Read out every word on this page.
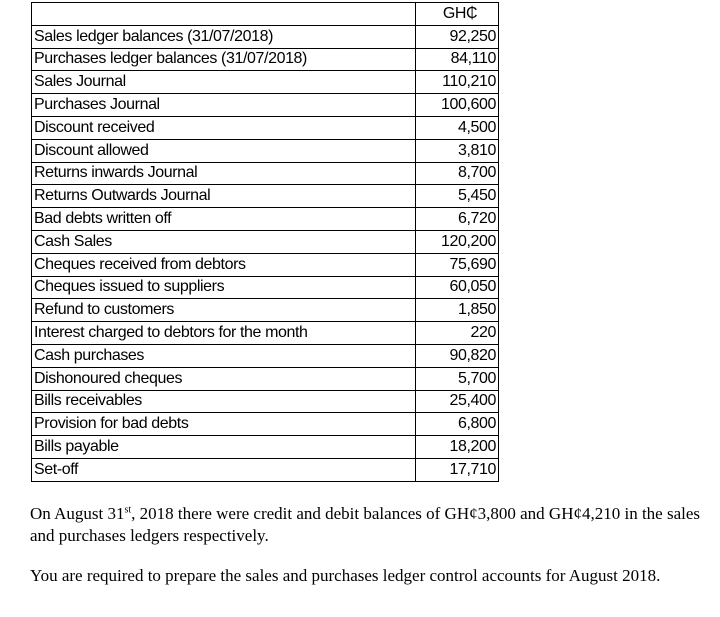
	GH₵
Sales ledger balances (31/07/2018)	92,250
Purchases ledger balances (31/07/2018)	84,110
Sales Journal	110,210
Purchases Journal	100,600
Discount received	4,500
Discount allowed	3,810
Returns inwards Journal	8,700
Returns Outwards Journal	5,450
Bad debts written off	6,720
Cash Sales	120,200
Cheques received from debtors	75,690
Cheques issued to suppliers	60,050
Refund to customers	1,850
Interest charged to debtors for the month	220
Cash purchases	90,820
Dishonoured cheques	5,700
Bills receivables	25,400
Provision for bad debts	6,800
Bills payable	18,200
Set-off	17,710

On August 31st, 2018 there were credit and debit balances of GH¢3,800 and GH¢4,210 in the sales and purchases ledgers respectively.

You are required to prepare the sales and purchases ledger control accounts for August 2018.
